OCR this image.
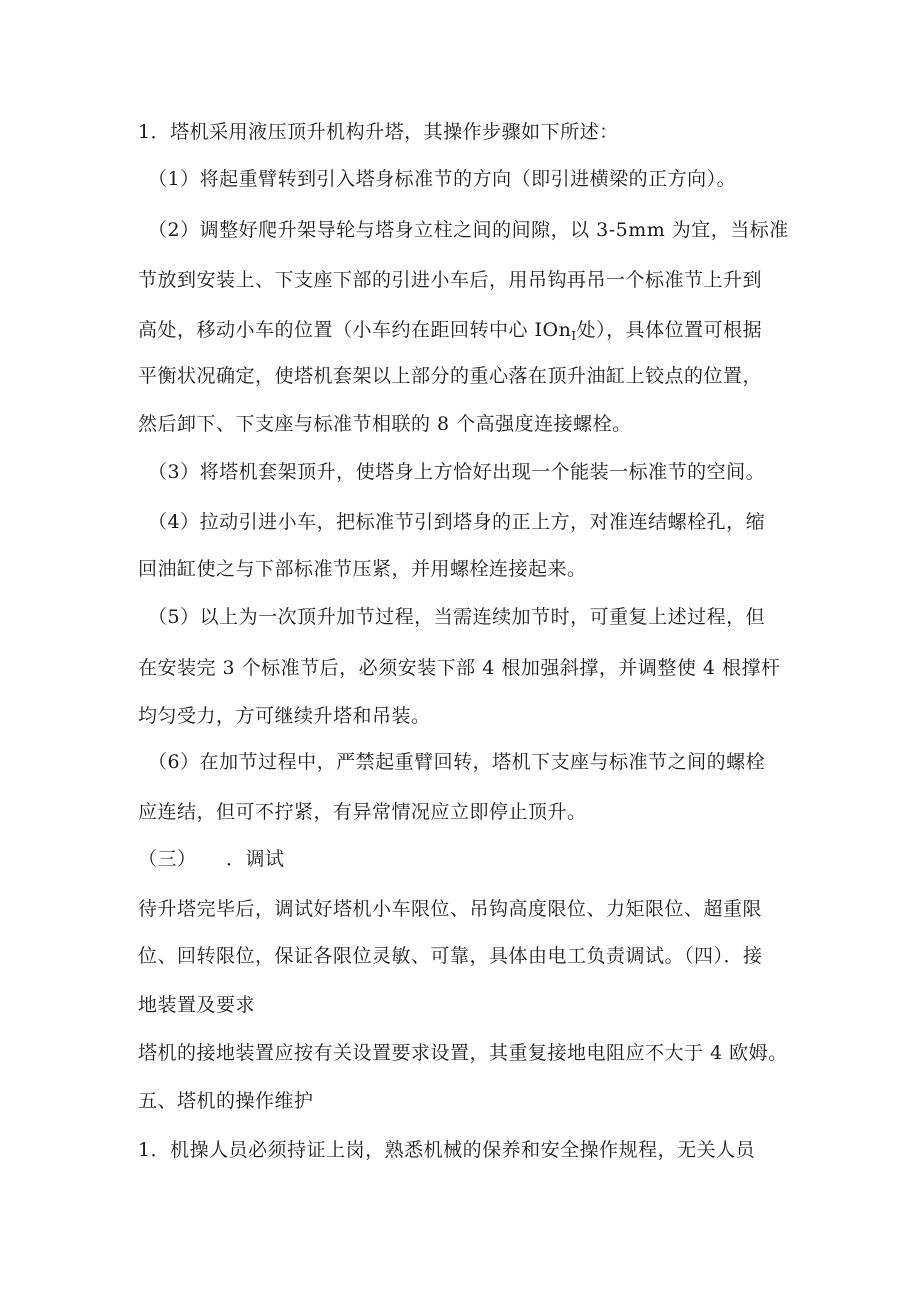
1．塔机采用液压顶升机构升塔，其操作步骤如下所述：
（1）将起重臂转到引入塔身标准节的方向（即引进横梁的正方向）。
（2）调整好爬升架导轮与塔身立柱之间的间隙，以 3-5mm 为宜，当标准
节放到安装上、下支座下部的引进小车后，用吊钩再吊一个标准节上升到
高处，移动小车的位置（小车约在距回转中心 IOn$_I$处），具体位置可根据
平衡状况确定，使塔机套架以上部分的重心落在顶升油缸上铰点的位置，
然后卸下、下支座与标准节相联的 8 个高强度连接螺栓。
（3）将塔机套架顶升，使塔身上方恰好出现一个能装一标准节的空间。
（4）拉动引进小车，把标准节引到塔身的正上方，对准连结螺栓孔，缩
回油缸使之与下部标准节压紧，并用螺栓连接起来。
（5）以上为一次顶升加节过程，当需连续加节时，可重复上述过程，但
在安装完 3 个标准节后，必须安装下部 4 根加强斜撑，并调整使 4 根撑杆
均匀受力，方可继续升塔和吊装。
（6）在加节过程中，严禁起重臂回转，塔机下支座与标准节之间的螺栓
应连结，但可不拧紧，有异常情况应立即停止顶升。
（三）　　．调试
待升塔完毕后，调试好塔机小车限位、吊钩高度限位、力矩限位、超重限
位、回转限位，保证各限位灵敏、可靠，具体由电工负责调试。（四）．接
地装置及要求
塔机的接地装置应按有关设置要求设置，其重复接地电阻应不大于 4 欧姆。
五、塔机的操作维护
1．机操人员必须持证上岗，熟悉机械的保养和安全操作规程，无关人员
